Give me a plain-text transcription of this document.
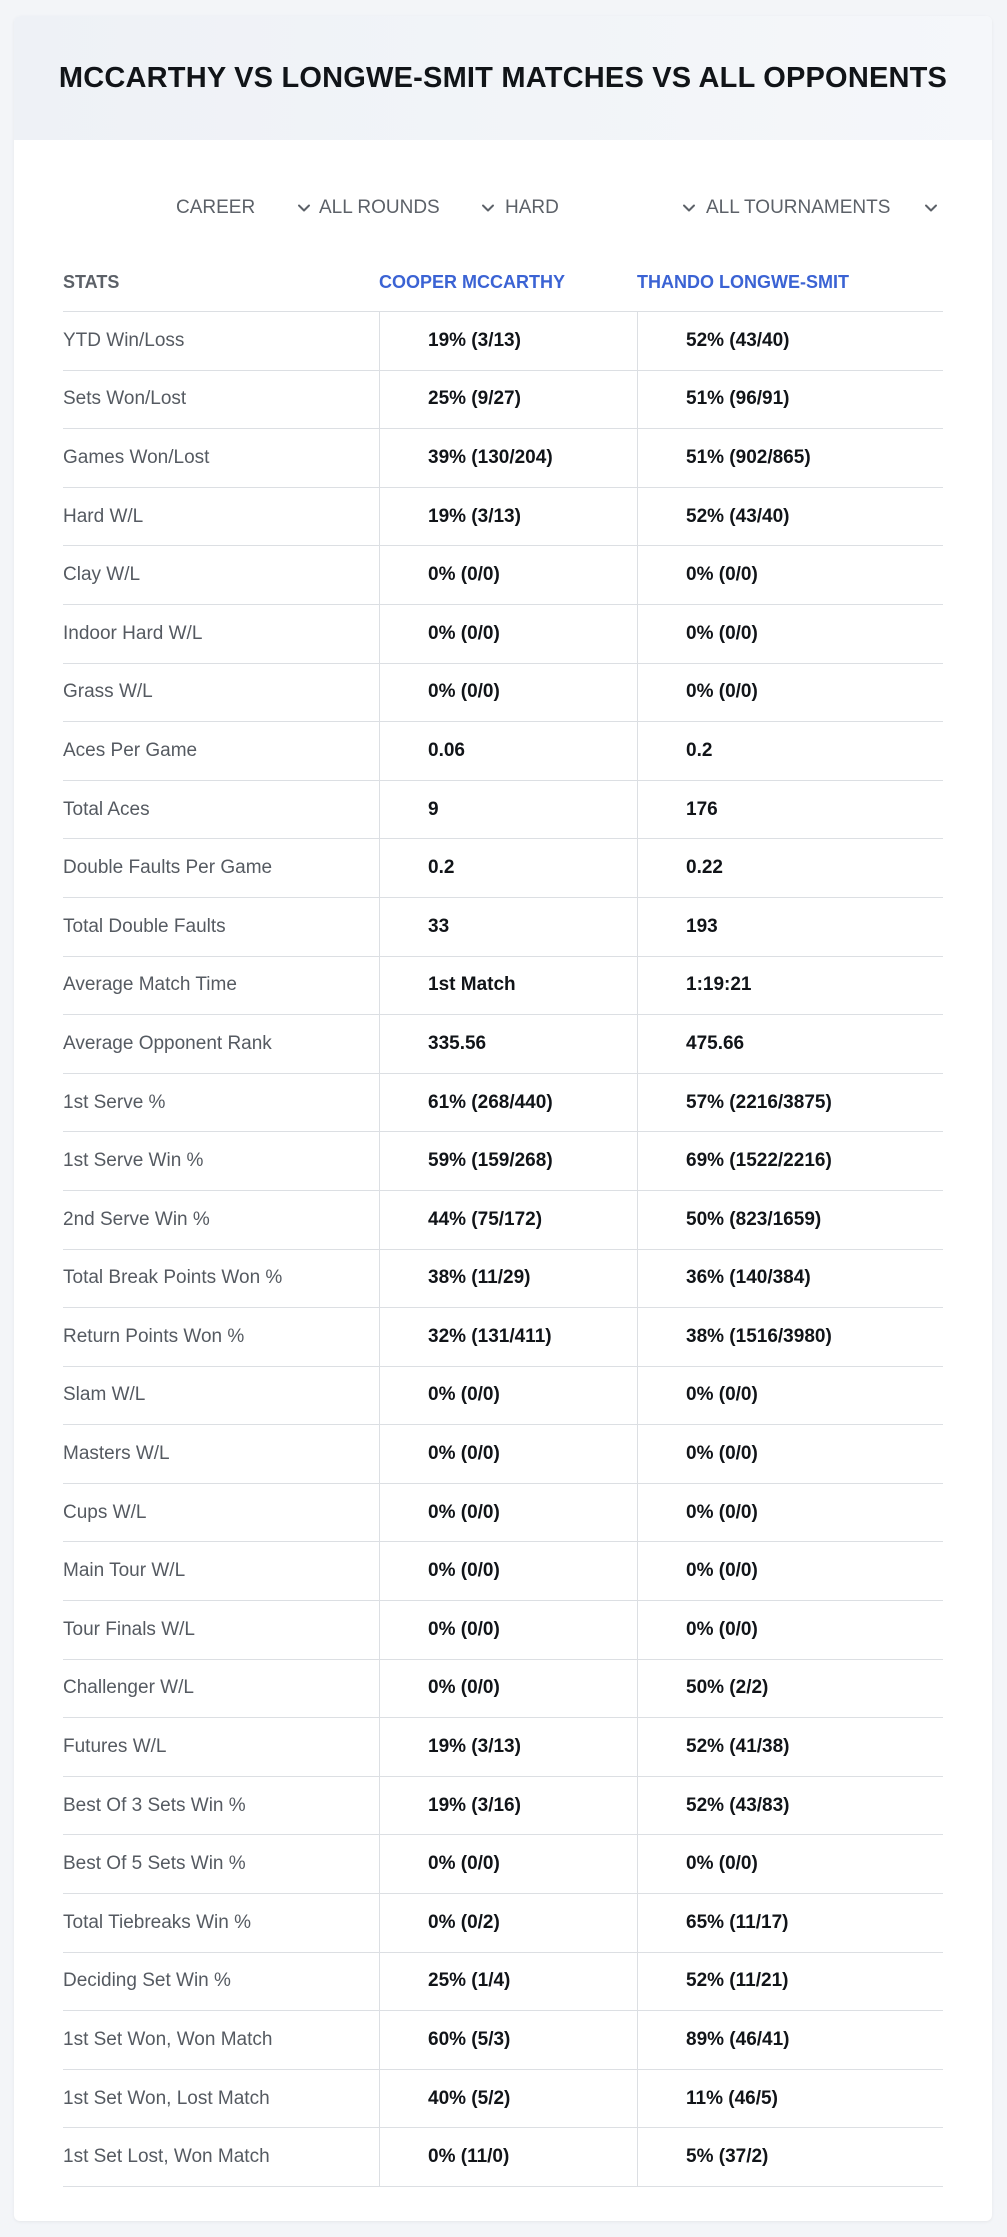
MCCARTHY VS LONGWE-SMIT MATCHES VS ALL OPPONENTS
CAREER	ALL ROUNDS	HARD	ALL TOURNAMENTS
STATS	COOPER MCCARTHY	THANDO LONGWE-SMIT
YTD Win/Loss	19% (3/13)	52% (43/40)
Sets Won/Lost	25% (9/27)	51% (96/91)
Games Won/Lost	39% (130/204)	51% (902/865)
Hard W/L	19% (3/13)	52% (43/40)
Clay W/L	0% (0/0)	0% (0/0)
Indoor Hard W/L	0% (0/0)	0% (0/0)
Grass W/L	0% (0/0)	0% (0/0)
Aces Per Game	0.06	0.2
Total Aces	9	176
Double Faults Per Game	0.2	0.22
Total Double Faults	33	193
Average Match Time	1st Match	1:19:21
Average Opponent Rank	335.56	475.66
1st Serve %	61% (268/440)	57% (2216/3875)
1st Serve Win %	59% (159/268)	69% (1522/2216)
2nd Serve Win %	44% (75/172)	50% (823/1659)
Total Break Points Won %	38% (11/29)	36% (140/384)
Return Points Won %	32% (131/411)	38% (1516/3980)
Slam W/L	0% (0/0)	0% (0/0)
Masters W/L	0% (0/0)	0% (0/0)
Cups W/L	0% (0/0)	0% (0/0)
Main Tour W/L	0% (0/0)	0% (0/0)
Tour Finals W/L	0% (0/0)	0% (0/0)
Challenger W/L	0% (0/0)	50% (2/2)
Futures W/L	19% (3/13)	52% (41/38)
Best Of 3 Sets Win %	19% (3/16)	52% (43/83)
Best Of 5 Sets Win %	0% (0/0)	0% (0/0)
Total Tiebreaks Win %	0% (0/2)	65% (11/17)
Deciding Set Win %	25% (1/4)	52% (11/21)
1st Set Won, Won Match	60% (5/3)	89% (46/41)
1st Set Won, Lost Match	40% (5/2)	11% (46/5)
1st Set Lost, Won Match	0% (11/0)	5% (37/2)
